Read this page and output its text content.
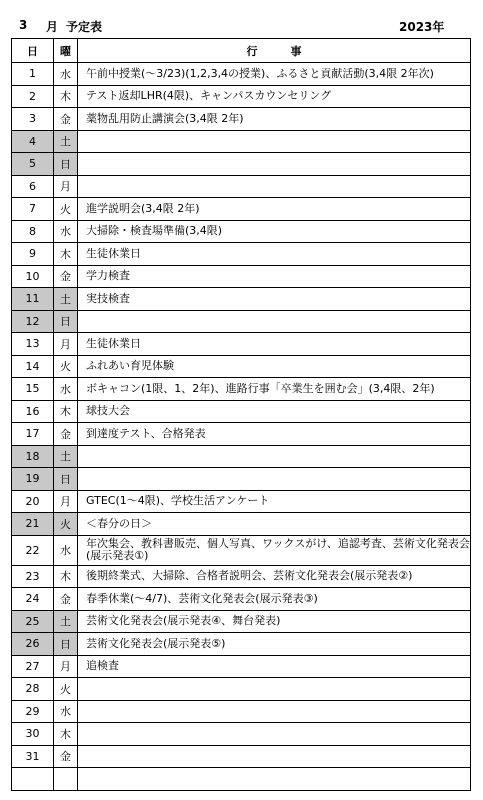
3 月 予定表	2023年
日	曜	行　　　事
1	水	午前中授業(～3/23)(1,2,3,4の授業)、ふるさと貢献活動(3,4限 2年次)
2	木	テスト返却LHR(4限)、キャンパスカウンセリング
3	金	薬物乱用防止講演会(3,4限 2年)
4	土	
5	日	
6	月	
7	火	進学説明会(3,4限 2年)
8	水	大掃除・検査場準備(3,4限)
9	木	生徒休業日
10	金	学力検査
11	土	実技検査
12	日	
13	月	生徒休業日
14	火	ふれあい育児体験
15	水	ボキャコン(1限、1、2年)、進路行事「卒業生を囲む会」(3,4限、2年)
16	木	球技大会
17	金	到達度テスト、合格発表
18	土	
19	日	
20	月	GTEC(1～4限)、学校生活アンケート
21	火	＜春分の日＞
22	水	年次集会、教科書販売、個人写真、ワックスがけ、追認考査、芸術文化発表会(展示発表①)
23	木	後期終業式、大掃除、合格者説明会、芸術文化発表会(展示発表②)
24	金	春季休業(～4/7)、芸術文化発表会(展示発表③)
25	土	芸術文化発表会(展示発表④、舞台発表)
26	日	芸術文化発表会(展示発表⑤)
27	月	追検査
28	火	
29	水	
30	木	
31	金	
